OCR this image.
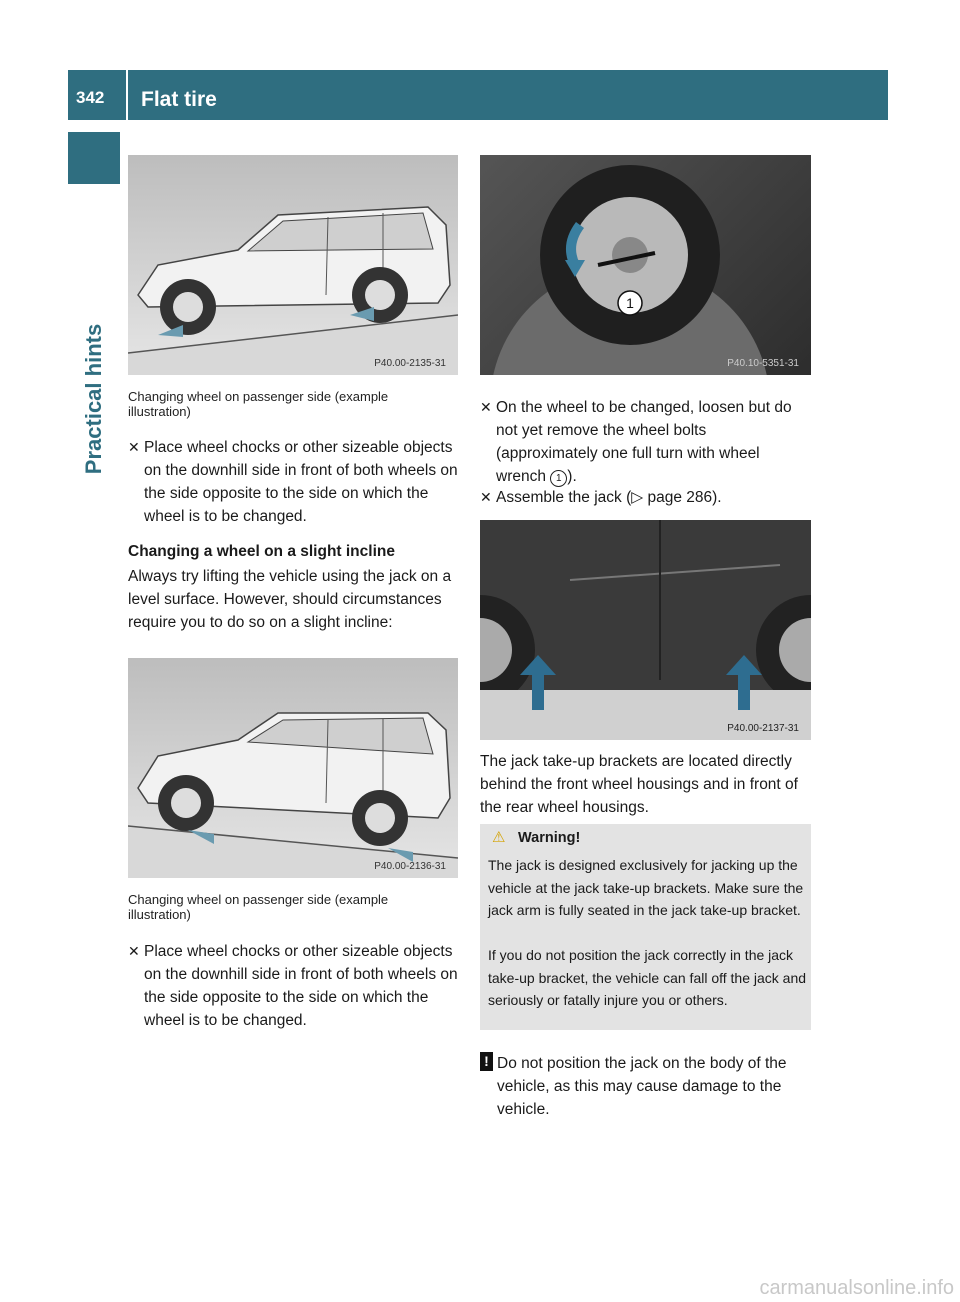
342 Flat tire
Practical hints	P40.00-2135-31
Changing wheel on passenger side (example illustration)
✕ Place wheel chocks or other sizeable objects on the downhill side in front of both wheels on the side opposite to the side on which the wheel is to be changed.
Changing a wheel on a slight incline
Always try lifting the vehicle using the jack on a level surface. However, should circumstances require you to do so on a slight incline:
P40.00-2136-31
Changing wheel on passenger side (example illustration)
✕ Place wheel chocks or other sizeable objects on the downhill side in front of both wheels on the side opposite to the side on which the wheel is to be changed.
1
P40.10-5351-31
✕ On the wheel to be changed, loosen but do not yet remove the wheel bolts (approximately one full turn with wheel wrench 1 ).
✕ Assemble the jack (▷ page 286).
P40.00-2137-31
The jack take-up brackets are located directly behind the front wheel housings and in front of the rear wheel housings.
⚠ Warning!
The jack is designed exclusively for jacking up the vehicle at the jack take-up brackets. Make sure the jack arm is fully seated in the jack take-up bracket.
If you do not position the jack correctly in the jack take-up bracket, the vehicle can fall off the jack and seriously or fatally injure you or others.
! Do not position the jack on the body of the vehicle, as this may cause damage to the vehicle.
carmanualsonline.info
